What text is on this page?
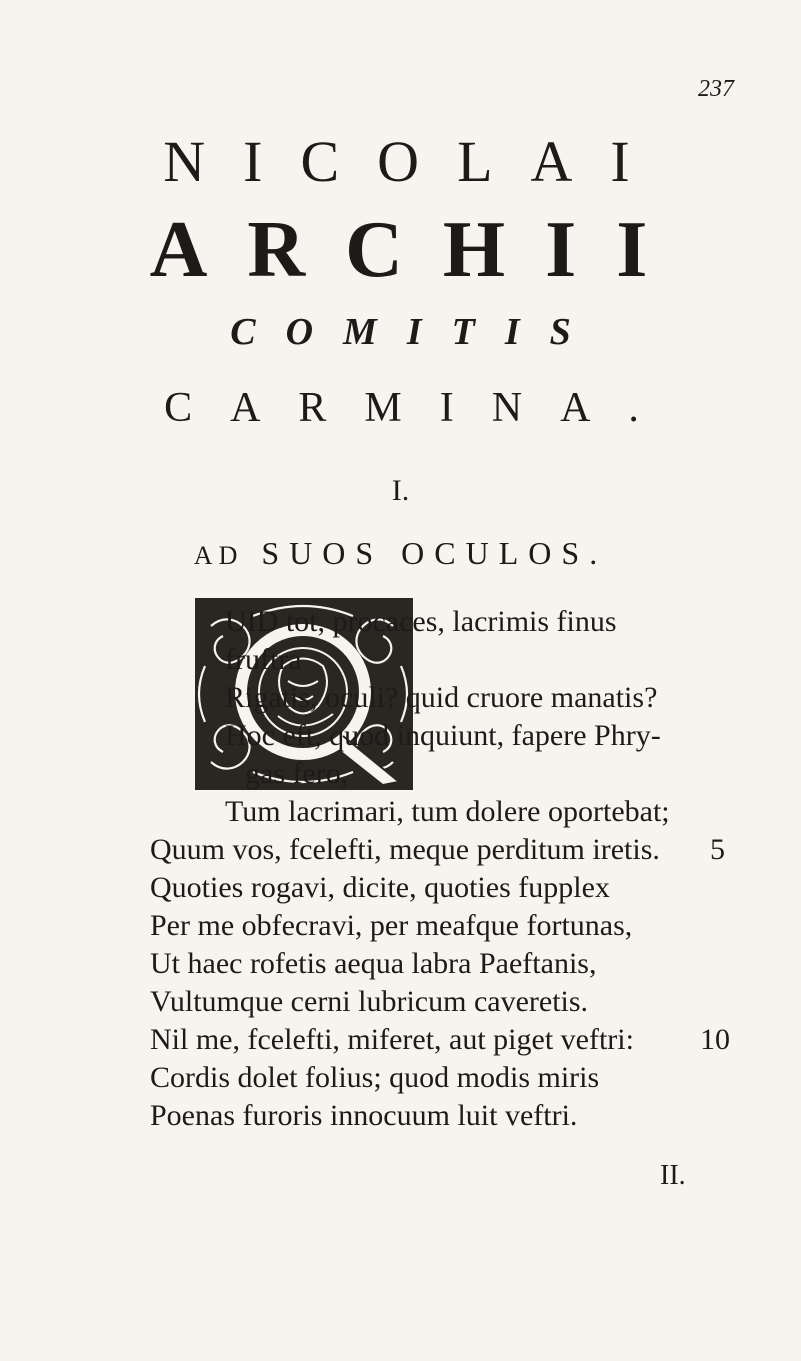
237
NICOLAI
ARCHII
COMITIS
CARMINA.
I.
AD SUOS OCULOS.
UID tot, procaces, lacrimis finus
fruftra
Rigatis, oculi? quid cruore manatis?
Hoc eft, quod inquiunt, fapere Phry-
gas fero,
Tum lacrimari, tum dolere oportebat;
Quum vos, fcelefti, meque perditum iretis. 5
Quoties rogavi, dicite, quoties fupplex
Per me obfecravi, per meafque fortunas,
Ut haec rofetis aequa labra Paeftanis,
Vultumque cerni lubricum caveretis.
Nil me, fcelefti, miferet, aut piget veftri: 10
Cordis dolet folius; quod modis miris
Poenas furoris innocuum luit veftri.
II.
